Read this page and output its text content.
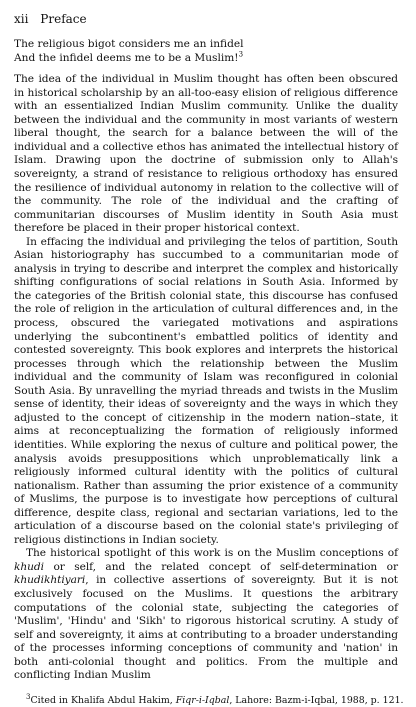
xii Preface
The religious bigot considers me an infidel
And the infidel deems me to be a Muslim!$^3$

The idea of the individual in Muslim thought has often been obscured in historical scholarship by an all-too-easy elision of religious difference with an essentialized Indian Muslim community. Unlike the duality between the individual and the community in most variants of western liberal thought, the search for a balance between the will of the individual and a collective ethos has animated the intellectual history of Islam. Drawing upon the doctrine of submission only to Allah's sovereignty, a strand of resistance to religious orthodoxy has ensured the resilience of individual autonomy in relation to the collective will of the community. The role of the individual and the crafting of communitarian discourses of Muslim identity in South Asia must therefore be placed in their proper historical context.

In effacing the individual and privileging the telos of partition, South Asian historiography has succumbed to a communitarian mode of analysis in trying to describe and interpret the complex and historically shifting configurations of social relations in South Asia. Informed by the categories of the British colonial state, this discourse has confused the role of religion in the articulation of cultural differences and, in the process, obscured the variegated motivations and aspirations underlying the subcontinent's embattled politics of identity and contested sovereignty. This book explores and interprets the historical processes through which the relationship between the Muslim individual and the community of Islam was reconfigured in colonial South Asia. By unravelling the myriad threads and twists in the Muslim sense of identity, their ideas of sovereignty and the ways in which they adjusted to the concept of citizenship in the modern nation–state, it aims at reconceptualizing the formation of religiously informed identities. While exploring the nexus of culture and political power, the analysis avoids presuppositions which unproblematically link a religiously informed cultural identity with the politics of cultural nationalism. Rather than assuming the prior existence of a community of Muslims, the purpose is to investigate how perceptions of cultural difference, despite class, regional and sectarian variations, led to the articulation of a discourse based on the colonial state's privileging of religious distinctions in Indian society.

The historical spotlight of this work is on the Muslim conceptions of khudi or self, and the related concept of self-determination or khudikhtiyari, in collective assertions of sovereignty. But it is not exclusively focused on the Muslims. It questions the arbitrary computations of the colonial state, subjecting the categories of 'Muslim', 'Hindu' and 'Sikh' to rigorous historical scrutiny. A study of self and sovereignty, it aims at contributing to a broader understanding of the processes informing conceptions of community and 'nation' in both anti-colonial thought and politics. From the multiple and conflicting Indian Muslim

$^3$Cited in Khalifa Abdul Hakim, Fiqr-i-Iqbal, Lahore: Bazm-i-Iqbal, 1988, p. 121.
